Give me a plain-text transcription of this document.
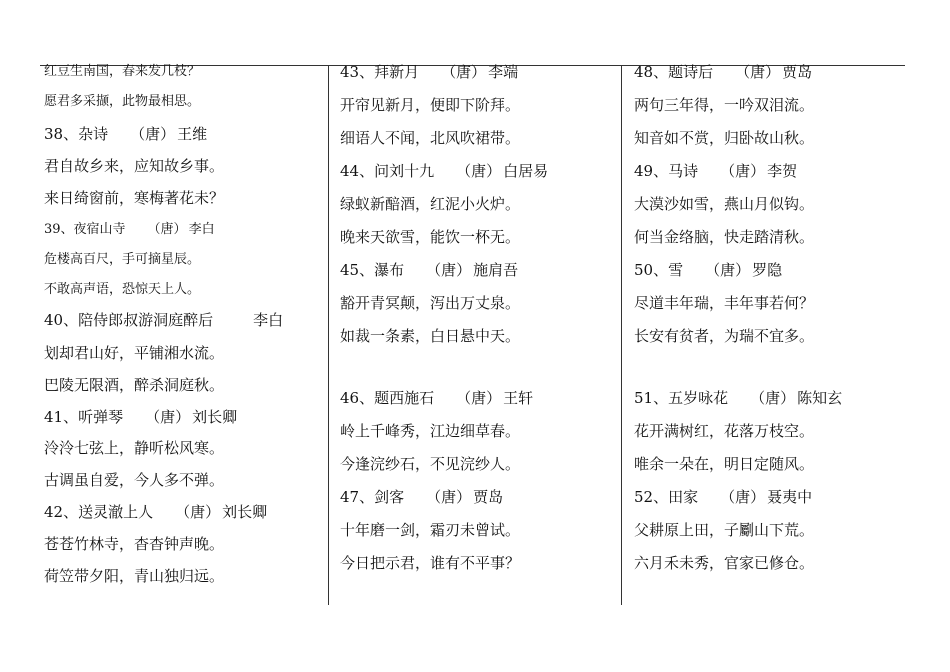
红豆生南国，春来发几枝？
愿君多采撷，此物最相思。
38、杂诗 （唐） 王维
君自故乡来，应知故乡事。
来日绮窗前，寒梅著花未？
39、夜宿山寺 （唐） 李白
危楼高百尺，手可摘星辰。
不敢高声语，恐惊天上人。
40、陪侍郎叔游洞庭醉后	李白
划却君山好，平铺湘水流。
巴陵无限酒，醉杀洞庭秋。
41、听弹琴 （唐） 刘长卿
泠泠七弦上，静听松风寒。
古调虽自爱，今人多不弹。
42、送灵澈上人 （唐） 刘长卿
苍苍竹林寺，杳杳钟声晚。
荷笠带夕阳，青山独归远。
43、拜新月 （唐） 李端
开帘见新月，便即下阶拜。
细语人不闻，北风吹裙带。
44、问刘十九 （唐） 白居易
绿蚁新醅酒，红泥小火炉。
晚来天欲雪，能饮一杯无。
45、瀑布 （唐） 施肩吾
豁开青冥颠，泻出万丈泉。
如裁一条素，白日悬中天。
46、题西施石 （唐） 王轩
岭上千峰秀，江边细草春。
今逢浣纱石，不见浣纱人。
47、剑客 （唐） 贾岛
十年磨一剑，霜刃未曾试。
今日把示君，谁有不平事？
48、题诗后 （唐） 贾岛
两句三年得，一吟双泪流。
知音如不赏，归卧故山秋。
49、马诗 （唐） 李贺
大漠沙如雪，燕山月似钩。
何当金络脑，快走踏清秋。
50、雪 （唐） 罗隐
尽道丰年瑞，丰年事若何？
长安有贫者，为瑞不宜多。
51、五岁咏花 （唐） 陈知玄
花开满树红，花落万枝空。
唯余一朵在，明日定随风。
52、田家 （唐） 聂夷中
父耕原上田，子劚山下荒。
六月禾未秀，官家已修仓。
